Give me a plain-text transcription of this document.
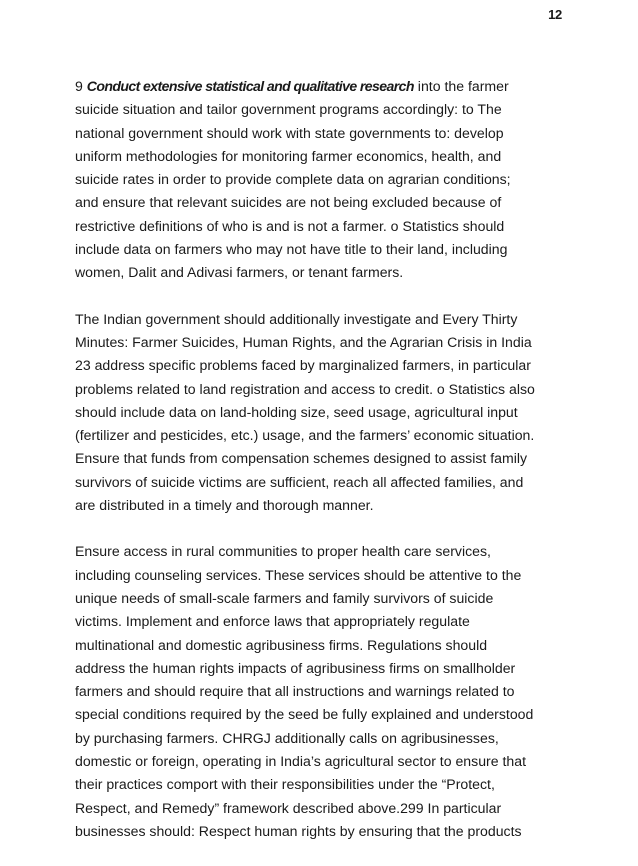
12

9 Conduct extensive statistical and qualitative research into the farmer
suicide situation and tailor government programs accordingly: to The
national government should work with state governments to: develop
uniform methodologies for monitoring farmer economics, health, and
suicide rates in order to provide complete data on agrarian conditions;
and ensure that relevant suicides are not being excluded because of
restrictive definitions of who is and is not a farmer. o Statistics should
include data on farmers who may not have title to their land, including
women, Dalit and Adivasi farmers, or tenant farmers.

The Indian government should additionally investigate and Every Thirty
Minutes: Farmer Suicides, Human Rights, and the Agrarian Crisis in India
23 address specific problems faced by marginalized farmers, in particular
problems related to land registration and access to credit. o Statistics also
should include data on land-holding size, seed usage, agricultural input
(fertilizer and pesticides, etc.) usage, and the farmers’ economic situation.
Ensure that funds from compensation schemes designed to assist family
survivors of suicide victims are sufficient, reach all affected families, and
are distributed in a timely and thorough manner.

Ensure access in rural communities to proper health care services,
including counseling services. These services should be attentive to the
unique needs of small-scale farmers and family survivors of suicide
victims. Implement and enforce laws that appropriately regulate
multinational and domestic agribusiness firms. Regulations should
address the human rights impacts of agribusiness firms on smallholder
farmers and should require that all instructions and warnings related to
special conditions required by the seed be fully explained and understood
by purchasing farmers. CHRGJ additionally calls on agribusinesses,
domestic or foreign, operating in India’s agricultural sector to ensure that
their practices comport with their responsibilities under the “Protect,
Respect, and Remedy” framework described above.299 In particular
businesses should: Respect human rights by ensuring that the products
